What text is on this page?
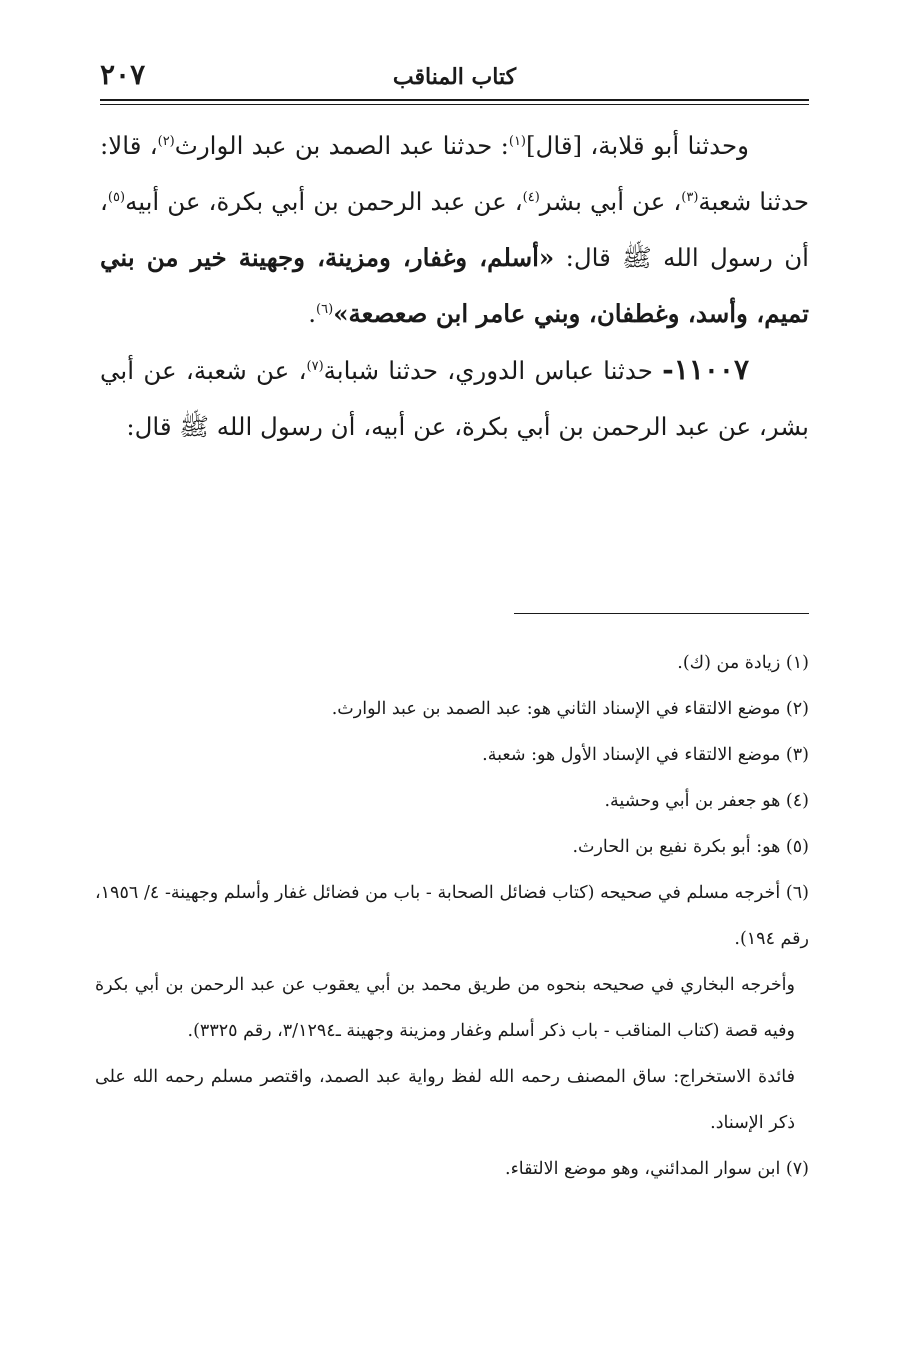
كتاب المناقب
٢٠٧

وحدثنا أبو قلابة، [قال]$^{(١)}$: حدثنا عبد الصمد بن عبد الوارث$^{(٢)}$، قالا: حدثنا شعبة$^{(٣)}$، عن أبي بشر$^{(٤)}$، عن عبد الرحمن بن أبي بكرة، عن أبيه$^{(٥)}$، أن رسول الله ﷺ قال: «أسلم، وغفار، ومزينة، وجهينة خير من بني تميم، وأسد، وغطفان، وبني عامر ابن صعصعة»$^{(٦)}$.

١١٠٠٧- حدثنا عباس الدوري، حدثنا شبابة$^{(٧)}$، عن شعبة، عن أبي بشر، عن عبد الرحمن بن أبي بكرة، عن أبيه، أن رسول الله ﷺ قال:

(١) زيادة من (ك).

(٢) موضع الالتقاء في الإسناد الثاني هو: عبد الصمد بن عبد الوارث.

(٣) موضع الالتقاء في الإسناد الأول هو: شعبة.

(٤) هو جعفر بن أبي وحشية.

(٥) هو: أبو بكرة نفيع بن الحارث.

(٦) أخرجه مسلم في صحيحه (كتاب فضائل الصحابة - باب من فضائل غفار وأسلم وجهينة- ٤/ ١٩٥٦، رقم ١٩٤).

وأخرجه البخاري في صحيحه بنحوه من طريق محمد بن أبي يعقوب عن عبد الرحمن بن أبي بكرة وفيه قصة (كتاب المناقب - باب ذكر أسلم وغفار ومزينة وجهينة ـ٣/١٢٩٤، رقم ٣٣٢٥).

فائدة الاستخراج: ساق المصنف رحمه الله لفظ رواية عبد الصمد، واقتصر مسلم رحمه الله على ذكر الإسناد.

(٧) ابن سوار المدائني، وهو موضع الالتقاء.
